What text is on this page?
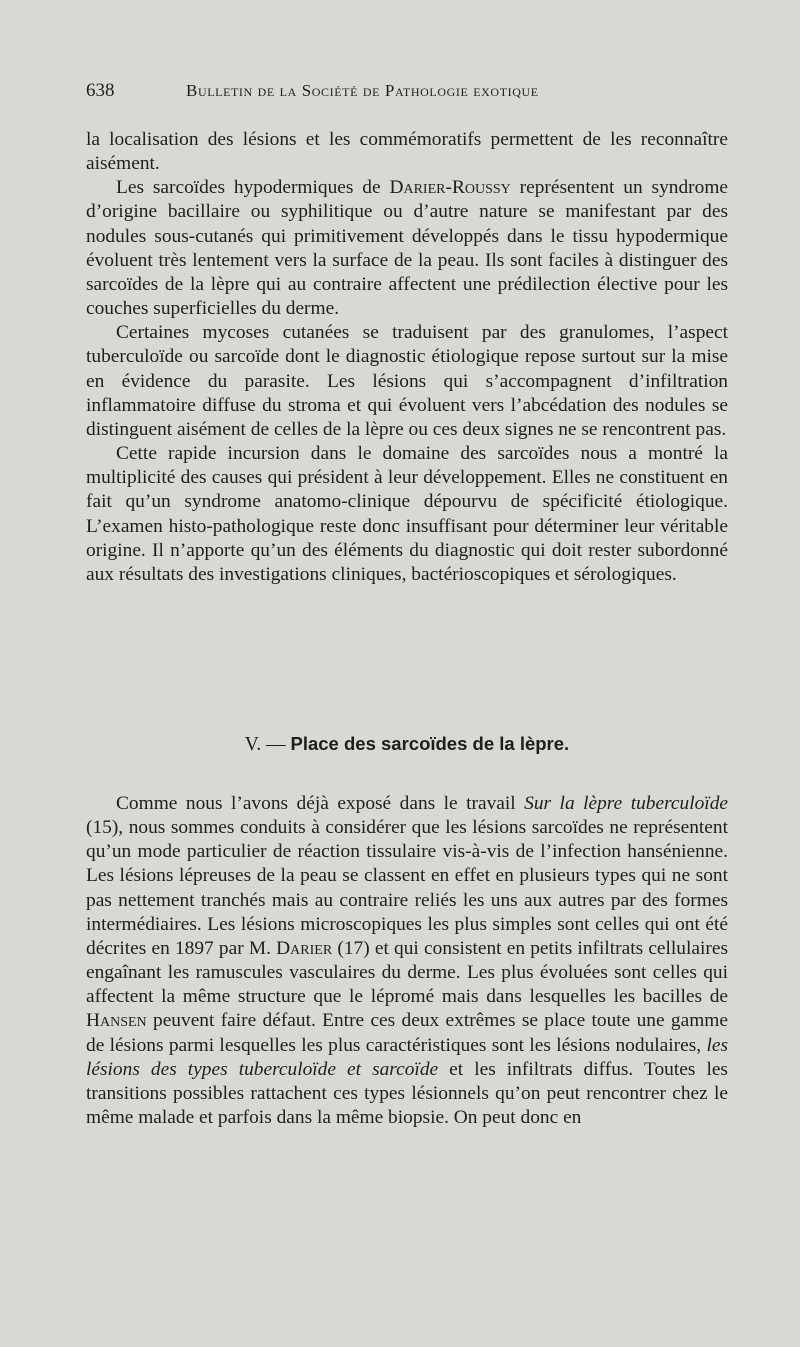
638	Bulletin de la Société de Pathologie exotique

la localisation des lésions et les commémoratifs permettent de les reconnaître aisément.

Les sarcoïdes hypodermiques de Darier-Roussy représentent un syndrome d’origine bacillaire ou syphilitique ou d’autre nature se manifestant par des nodules sous-cutanés qui primitivement développés dans le tissu hypodermique évoluent très lentement vers la surface de la peau. Ils sont faciles à distinguer des sarcoïdes de la lèpre qui au contraire affectent une prédilection élective pour les couches superficielles du derme.

Certaines mycoses cutanées se traduisent par des granulomes, l’aspect tuberculoïde ou sarcoïde dont le diagnostic étiologique repose surtout sur la mise en évidence du parasite. Les lésions qui s’accompagnent d’infiltration inflammatoire diffuse du stroma et qui évoluent vers l’abcédation des nodules se distinguent aisément de celles de la lèpre ou ces deux signes ne se rencontrent pas.

Cette rapide incursion dans le domaine des sarcoïdes nous a montré la multiplicité des causes qui président à leur développement. Elles ne constituent en fait qu’un syndrome anatomo-clinique dépourvu de spécificité étiologique. L’examen histo-pathologique reste donc insuffisant pour déterminer leur véritable origine. Il n’apporte qu’un des éléments du diagnostic qui doit rester subordonné aux résultats des investigations cliniques, bactérioscopiques et sérologiques.

V. — Place des sarcoïdes de la lèpre.

Comme nous l’avons déjà exposé dans le travail Sur la lèpre tuberculoïde (15), nous sommes conduits à considérer que les lésions sarcoïdes ne représentent qu’un mode particulier de réaction tissulaire vis-à-vis de l’infection hansénienne. Les lésions lépreuses de la peau se classent en effet en plusieurs types qui ne sont pas nettement tranchés mais au contraire reliés les uns aux autres par des formes intermédiaires. Les lésions microscopiques les plus simples sont celles qui ont été décrites en 1897 par M. Darier (17) et qui consistent en petits infiltrats cellulaires engaînant les ramuscules vasculaires du derme. Les plus évoluées sont celles qui affectent la même structure que le lépromé mais dans lesquelles les bacilles de Hansen peuvent faire défaut. Entre ces deux extrêmes se place toute une gamme de lésions parmi lesquelles les plus caractéristiques sont les lésions nodulaires, les lésions des types tuberculoïde et sarcoïde et les infiltrats diffus. Toutes les transitions possibles rattachent ces types lésionnels qu’on peut rencontrer chez le même malade et parfois dans la même biopsie. On peut donc en
